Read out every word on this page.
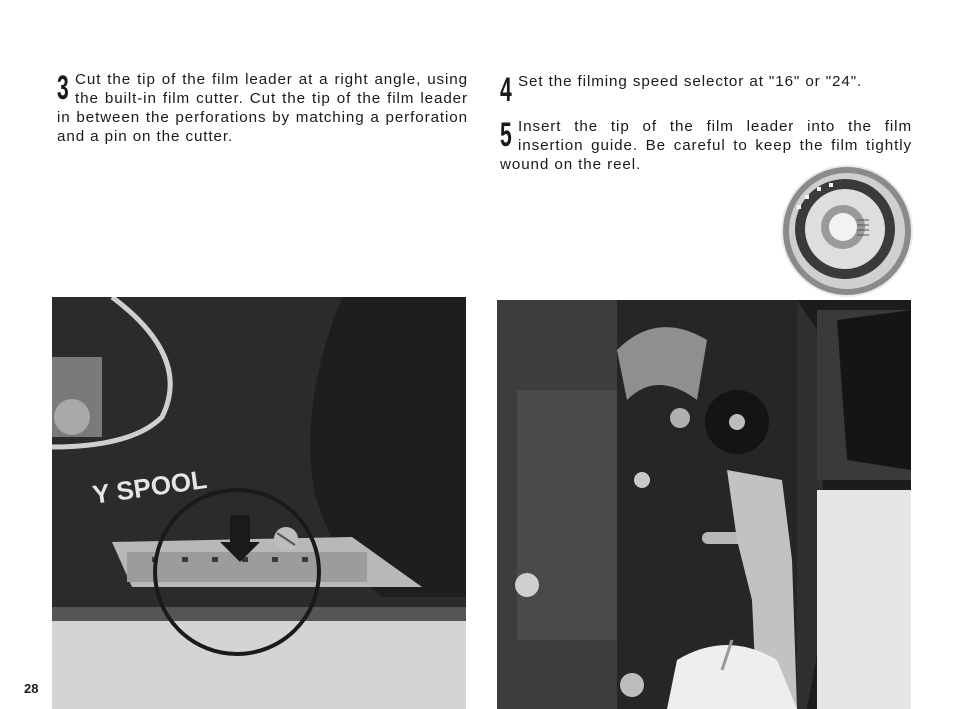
3 Cut the tip of the film leader at a right angle, using the built-in film cutter. Cut the tip of the film leader in between the perforations by matching a perforation and a pin on the cutter.
4 Set the filming speed selector at "16" or "24".
5 Insert the tip of the film leader into the film insertion guide. Be careful to keep the film tightly wound on the reel.
Y SPOOL
28
